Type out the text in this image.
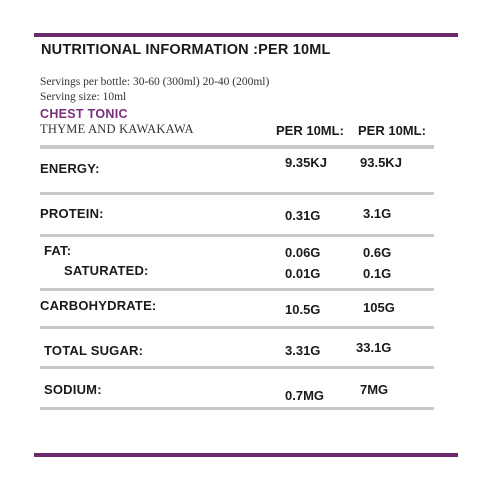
NUTRITIONAL INFORMATION :PER 10ML
Servings per bottle: 30-60 (300ml) 20-40 (200ml)
Serving size: 10ml
CHEST TONIC
THYME AND KAWAKAWA	PER 10ML: PER 10ML:
ENERGY:	9.35KJ	93.5KJ
PROTEIN:	0.31G	3.1G
FAT:	0.06G	0.6G
SATURATED:	0.01G	0.1G
CARBOHYDRATE:	10.5G	105G
TOTAL SUGAR:	3.31G	33.1G
SODIUM:	0.7MG	7MG
